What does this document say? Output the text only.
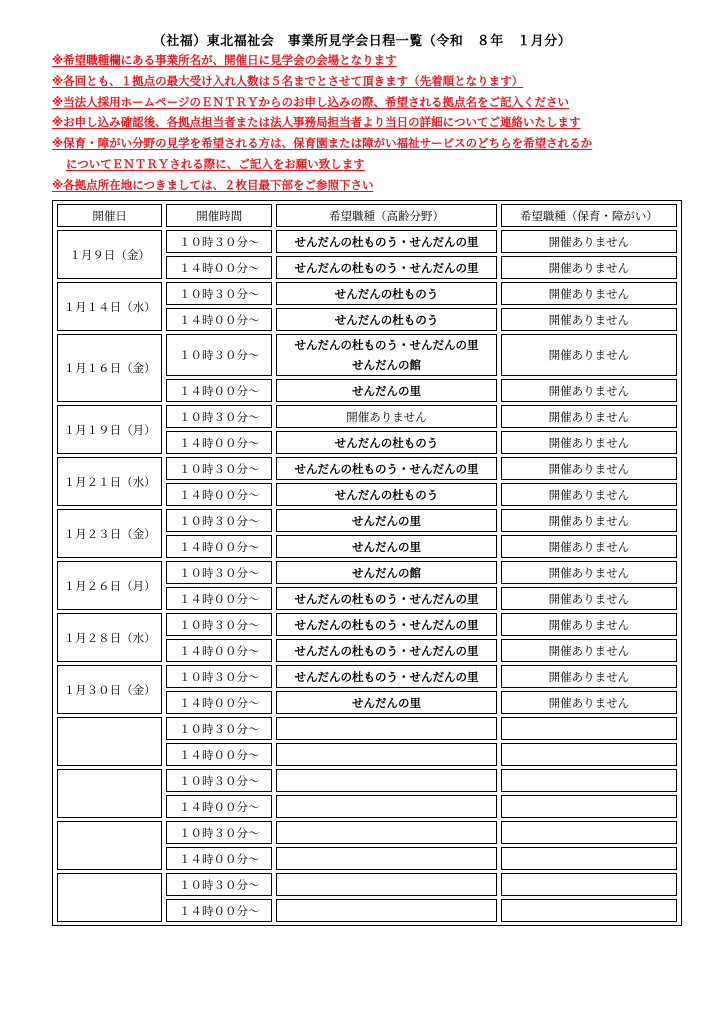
（社福）東北福祉会　事業所見学会日程一覧（令和　８年　１月分）
※希望職種欄にある事業所名が、開催日に見学会の会場となります
※各回とも、１拠点の最大受け入れ人数は５名までとさせて頂きます（先着順となります）
※当法人採用ホームページのＥＮＴＲＹからのお申し込みの際、希望される拠点名をご記入ください
※お申し込み確認後、各拠点担当者または法人事務局担当者より当日の詳細についてご連絡いたします
※保育・障がい分野の見学を希望される方は、保育園または障がい福祉サービスのどちらを希望されるか
についてＥＮＴＲＹされる際に、ご記入をお願い致します
※各拠点所在地につきましては、２枚目最下部をご参照下さい
開催日	開催時間	希望職種（高齢分野）	希望職種（保育・障がい）
１月９日（金）	１０時３０分～	せんだんの杜ものう・せんだんの里	開催ありません
	１４時００分～	せんだんの杜ものう・せんだんの里	開催ありません
１月１４日（水）	１０時３０分～	せんだんの杜ものう	開催ありません
	１４時００分～	せんだんの杜ものう	開催ありません
１月１６日（金）	１０時３０分～	せんだんの杜ものう・せんだんの里
せんだんの館	開催ありません
	１４時００分～	せんだんの里	開催ありません
１月１９日（月）	１０時３０分～	開催ありません	開催ありません
	１４時００分～	せんだんの杜ものう	開催ありません
１月２１日（水）	１０時３０分～	せんだんの杜ものう・せんだんの里	開催ありません
	１４時００分～	せんだんの杜ものう	開催ありません
１月２３日（金）	１０時３０分～	せんだんの里	開催ありません
	１４時００分～	せんだんの里	開催ありません
１月２６日（月）	１０時３０分～	せんだんの館	開催ありません
	１４時００分～	せんだんの杜ものう・せんだんの里	開催ありません
１月２８日（水）	１０時３０分～	せんだんの杜ものう・せんだんの里	開催ありません
	１４時００分～	せんだんの杜ものう・せんだんの里	開催ありません
１月３０日（金）	１０時３０分～	せんだんの杜ものう・せんだんの里	開催ありません
	１４時００分～	せんだんの里	開催ありません
	１０時３０分～		
	１４時００分～		
	１０時３０分～		
	１４時００分～		
	１０時３０分～		
	１４時００分～		
	１０時３０分～		
	１４時００分～		
